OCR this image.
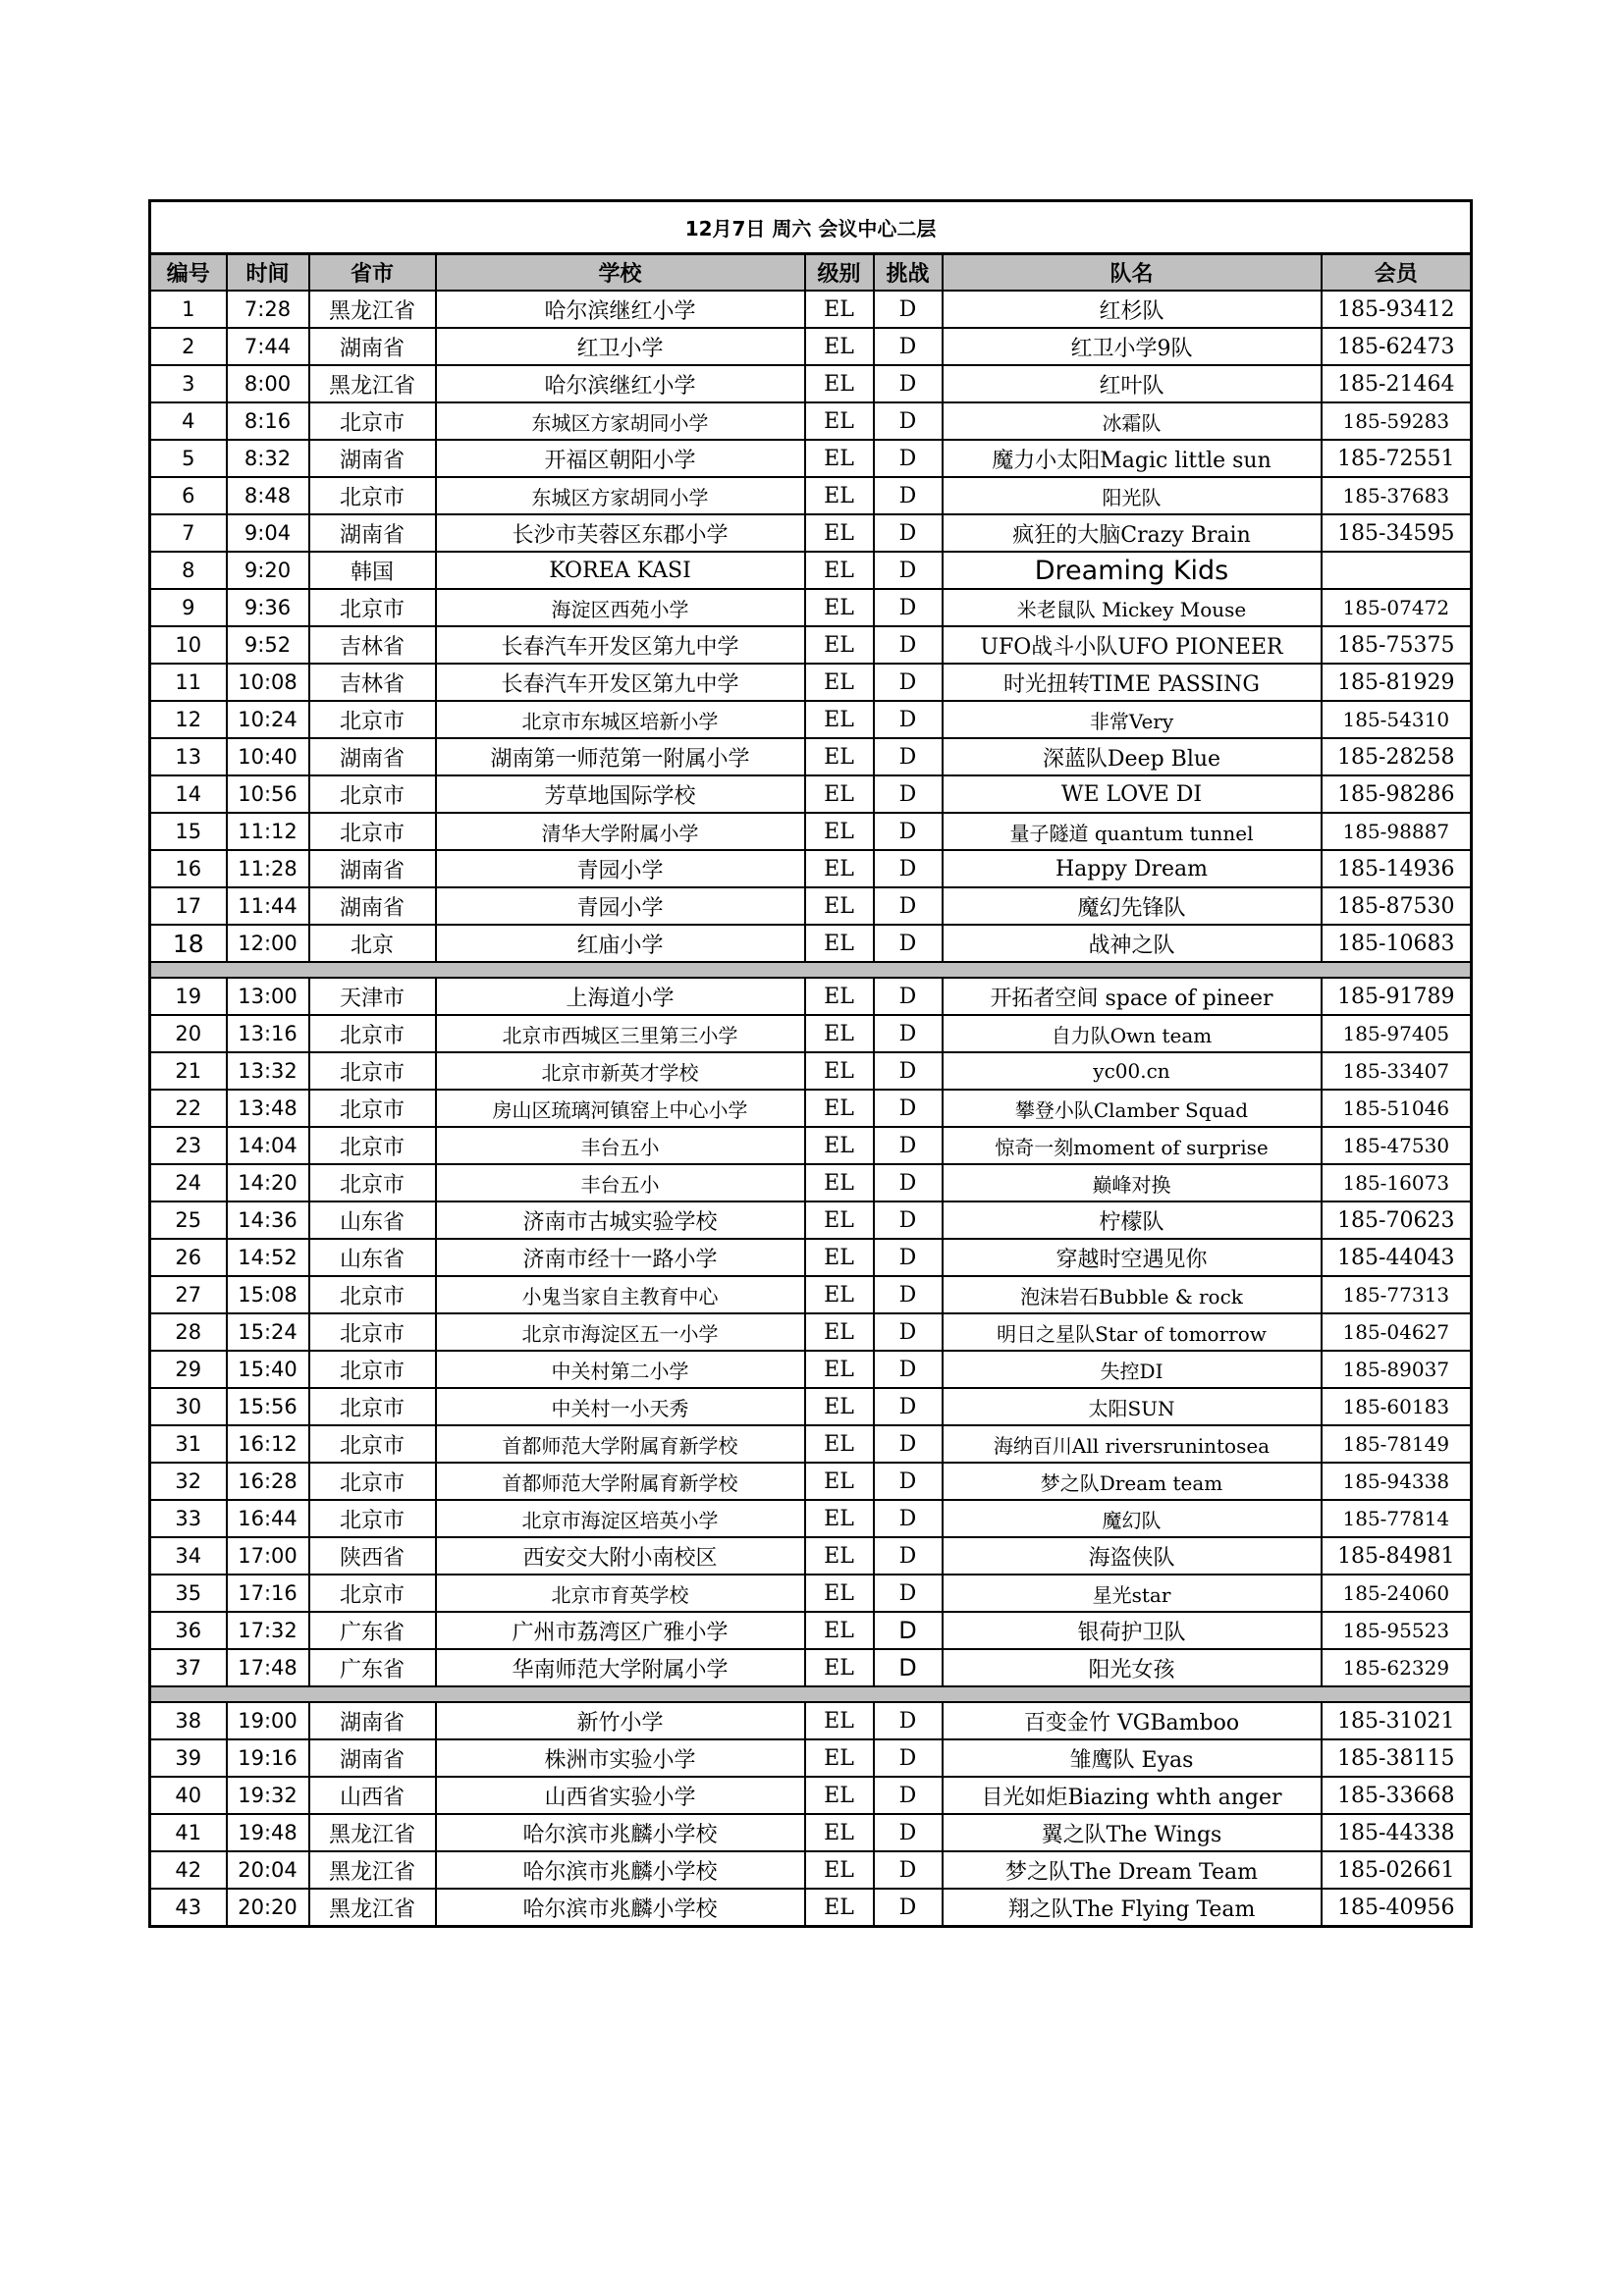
12月7日 周六 会议中心二层							
编号	时间	省市	学校	级别	挑战	队名	会员
1	7:28	黑龙江省	哈尔滨继红小学	EL	D	红杉队	185-93412
2	7:44	湖南省	红卫小学	EL	D	红卫小学9队	185-62473
3	8:00	黑龙江省	哈尔滨继红小学	EL	D	红叶队	185-21464
4	8:16	北京市	东城区方家胡同小学	EL	D	冰霜队	185-59283
5	8:32	湖南省	开福区朝阳小学	EL	D	魔力小太阳Magic little sun	185-72551
6	8:48	北京市	东城区方家胡同小学	EL	D	阳光队	185-37683
7	9:04	湖南省	长沙市芙蓉区东郡小学	EL	D	疯狂的大脑Crazy Brain	185-34595
8	9:20	韩国	KOREA KASI	EL	D	Dreaming Kids	
9	9:36	北京市	海淀区西苑小学	EL	D	米老鼠队 Mickey Mouse	185-07472
10	9:52	吉林省	长春汽车开发区第九中学	EL	D	UFO战斗小队UFO PIONEER	185-75375
11	10:08	吉林省	长春汽车开发区第九中学	EL	D	时光扭转TIME PASSING	185-81929
12	10:24	北京市	北京市东城区培新小学	EL	D	非常Very	185-54310
13	10:40	湖南省	湖南第一师范第一附属小学	EL	D	深蓝队Deep Blue	185-28258
14	10:56	北京市	芳草地国际学校	EL	D	WE LOVE DI	185-98286
15	11:12	北京市	清华大学附属小学	EL	D	量子隧道 quantum tunnel	185-98887
16	11:28	湖南省	青园小学	EL	D	Happy Dream	185-14936
17	11:44	湖南省	青园小学	EL	D	魔幻先锋队	185-87530
18	12:00	北京	红庙小学	EL	D	战神之队	185-10683

19	13:00	天津市	上海道小学	EL	D	开拓者空间 space of pineer	185-91789
20	13:16	北京市	北京市西城区三里第三小学	EL	D	自力队Own team	185-97405
21	13:32	北京市	北京市新英才学校	EL	D	yc00.cn	185-33407
22	13:48	北京市	房山区琉璃河镇窑上中心小学	EL	D	攀登小队Clamber Squad	185-51046
23	14:04	北京市	丰台五小	EL	D	惊奇一刻moment of surprise	185-47530
24	14:20	北京市	丰台五小	EL	D	巅峰对换	185-16073
25	14:36	山东省	济南市古城实验学校	EL	D	柠檬队	185-70623
26	14:52	山东省	济南市经十一路小学	EL	D	穿越时空遇见你	185-44043
27	15:08	北京市	小鬼当家自主教育中心	EL	D	泡沫岩石Bubble & rock	185-77313
28	15:24	北京市	北京市海淀区五一小学	EL	D	明日之星队Star of tomorrow	185-04627
29	15:40	北京市	中关村第二小学	EL	D	失控DI	185-89037
30	15:56	北京市	中关村一小天秀	EL	D	太阳SUN	185-60183
31	16:12	北京市	首都师范大学附属育新学校	EL	D	海纳百川All riversrunintosea	185-78149
32	16:28	北京市	首都师范大学附属育新学校	EL	D	梦之队Dream team	185-94338
33	16:44	北京市	北京市海淀区培英小学	EL	D	魔幻队	185-77814
34	17:00	陕西省	西安交大附小南校区	EL	D	海盗侠队	185-84981
35	17:16	北京市	北京市育英学校	EL	D	星光star	185-24060
36	17:32	广东省	广州市荔湾区广雅小学	EL	D	银荷护卫队	185-95523
37	17:48	广东省	华南师范大学附属小学	EL	D	阳光女孩	185-62329

38	19:00	湖南省	新竹小学	EL	D	百变金竹 VGBamboo	185-31021
39	19:16	湖南省	株洲市实验小学	EL	D	雏鹰队 Eyas	185-38115
40	19:32	山西省	山西省实验小学	EL	D	目光如炬Biazing whth anger	185-33668
41	19:48	黑龙江省	哈尔滨市兆麟小学校	EL	D	翼之队The Wings	185-44338
42	20:04	黑龙江省	哈尔滨市兆麟小学校	EL	D	梦之队The Dream Team	185-02661
43	20:20	黑龙江省	哈尔滨市兆麟小学校	EL	D	翔之队The Flying Team	185-40956
